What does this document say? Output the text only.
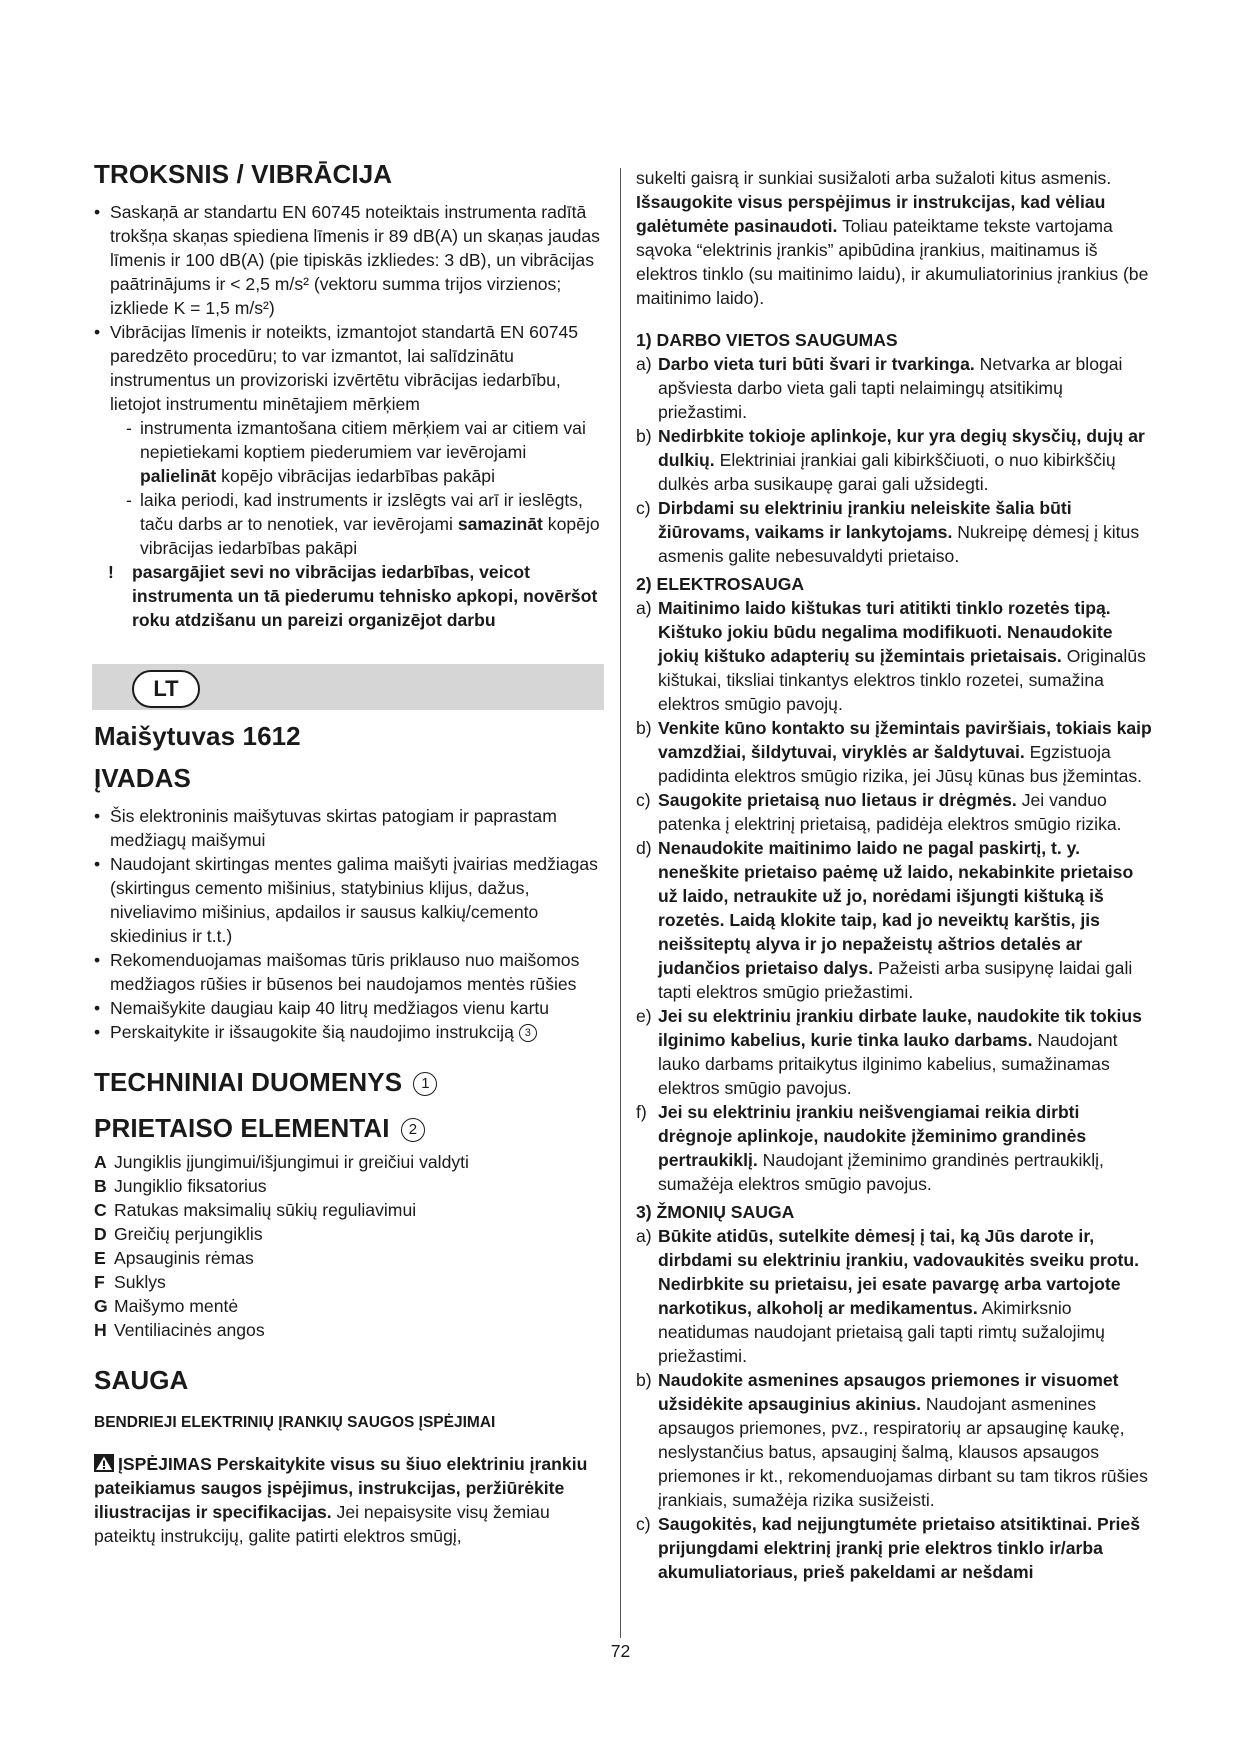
TROKSNIS / VIBRĀCIJA
• Saskaņā ar standartu EN 60745 noteiktais instrumenta radītā trokšņa skaņas spiediena līmenis ir 89 dB(A) un skaņas jaudas līmenis ir 100 dB(A) (pie tipiskās izkliedes: 3 dB), un vibrācijas paātrinājums ir < 2,5 m/s² (vektoru summa trijos virzienos; izkliede K = 1,5 m/s²)
• Vibrācijas līmenis ir noteikts, izmantojot standartā EN 60745 paredzēto procedūru; to var izmantot, lai salīdzinātu instrumentus un provizoriski izvērtētu vibrācijas iedarbību, lietojot instrumentu minētajiem mērķiem
- instrumenta izmantošana citiem mērķiem vai ar citiem vai nepietiekami koptiem piederumiem var ievērojami palielināt kopējo vibrācijas iedarbības pakāpi
- laika periodi, kad instruments ir izslēgts vai arī ir ieslēgts, taču darbs ar to nenotiek, var ievērojami samazināt kopējo vibrācijas iedarbības pakāpi

! pasargājiet sevi no vibrācijas iedarbības, veicot instrumenta un tā piederumu tehnisko apkopi, novēršot roku atdzišanu un pareizi organizējot darbu

LT
Maišytuvas 1612
ĮVADAS
• Šis elektroninis maišytuvas skirtas patogiam ir paprastam medžiagų maišymui
• Naudojant skirtingas mentes galima maišyti įvairias medžiagas (skirtingus cemento mišinius, statybinius klijus, dažus, niveliavimo mišinius, apdailos ir sausus kalkių/cemento skiedinius ir t.t.)
• Rekomenduojamas maišomas tūris priklauso nuo maišomos medžiagos rūšies ir būsenos bei naudojamos mentės rūšies
• Nemaišykite daugiau kaip 40 litrų medžiagos vienu kartu
• Perskaitykite ir išsaugokite šią naudojimo instrukciją 3
TECHNINIAI DUOMENYS 1
PRIETAISO ELEMENTAI 2
A Jungiklis įjungimui/išjungimui ir greičiui valdyti
B Jungiklio fiksatorius
C Ratukas maksimalių sūkių reguliavimui
D Greičių perjungiklis
E Apsauginis rėmas
F Suklys
G Maišymo mentė
H Ventiliacinės angos
SAUGA
BENDRIEJI ELEKTRINIŲ ĮRANKIŲ SAUGOS ĮSPĖJIMAI

ĮSPĖJIMAS Perskaitykite visus su šiuo elektriniu įrankiu pateikiamus saugos įspėjimus, instrukcijas, peržiūrėkite iliustracijas ir specifikacijas. Jei nepaisysite visų žemiau pateiktų instrukcijų, galite patirti elektros smūgį,

sukelti gaisrą ir sunkiai susižaloti arba sužaloti kitus asmenis. Išsaugokite visus perspėjimus ir instrukcijas, kad vėliau galėtumėte pasinaudoti. Toliau pateiktame tekste vartojama sąvoka “elektrinis įrankis” apibūdina įrankius, maitinamus iš elektros tinklo (su maitinimo laidu), ir akumuliatorinius įrankius (be maitinimo laido).

1) DARBO VIETOS SAUGUMAS

a) Darbo vieta turi būti švari ir tvarkinga. Netvarka ar blogai apšviesta darbo vieta gali tapti nelaimingų atsitikimų priežastimi.

b) Nedirbkite tokioje aplinkoje, kur yra degių skysčių, dujų ar dulkių. Elektriniai įrankiai gali kibirkščiuoti, o nuo kibirkščių dulkės arba susikaupę garai gali užsidegti.

c) Dirbdami su elektriniu įrankiu neleiskite šalia būti žiūrovams, vaikams ir lankytojams. Nukreipę dėmesį į kitus asmenis galite nebesuvaldyti prietaiso.

2) ELEKTROSAUGA

a) Maitinimo laido kištukas turi atitikti tinklo rozetės tipą. Kištuko jokiu būdu negalima modifikuoti. Nenaudokite jokių kištuko adapterių su įžemintais prietaisais. Originalūs kištukai, tiksliai tinkantys elektros tinklo rozetei, sumažina elektros smūgio pavojų.

b) Venkite kūno kontakto su įžemintais paviršiais, tokiais kaip vamzdžiai, šildytuvai, viryklės ar šaldytuvai. Egzistuoja padidinta elektros smūgio rizika, jei Jūsų kūnas bus įžemintas.

c) Saugokite prietaisą nuo lietaus ir drėgmės. Jei vanduo patenka į elektrinį prietaisą, padidėja elektros smūgio rizika.

d) Nenaudokite maitinimo laido ne pagal paskirtį, t. y. neneškite prietaiso paėmę už laido, nekabinkite prietaiso už laido, netraukite už jo, norėdami išjungti kištuką iš rozetės. Laidą klokite taip, kad jo neveiktų karštis, jis neišsiteptų alyva ir jo nepažeistų aštrios detalės ar judančios prietaiso dalys. Pažeisti arba susipynę laidai gali tapti elektros smūgio priežastimi.

e) Jei su elektriniu įrankiu dirbate lauke, naudokite tik tokius ilginimo kabelius, kurie tinka lauko darbams. Naudojant lauko darbams pritaikytus ilginimo kabelius, sumažinamas elektros smūgio pavojus.

f) Jei su elektriniu įrankiu neišvengiamai reikia dirbti drėgnoje aplinkoje, naudokite įžeminimo grandinės pertraukiklį. Naudojant įžeminimo grandinės pertraukiklį, sumažėja elektros smūgio pavojus.

3) ŽMONIŲ SAUGA

a) Būkite atidūs, sutelkite dėmesį į tai, ką Jūs darote ir, dirbdami su elektriniu įrankiu, vadovaukitės sveiku protu. Nedirbkite su prietaisu, jei esate pavargę arba vartojote narkotikus, alkoholį ar medikamentus. Akimirksnio neatidumas naudojant prietaisą gali tapti rimtų sužalojimų priežastimi.

b) Naudokite asmenines apsaugos priemones ir visuomet užsidėkite apsauginius akinius. Naudojant asmenines apsaugos priemones, pvz., respiratorių ar apsauginę kaukę, neslystančius batus, apsauginį šalmą, klausos apsaugos priemones ir kt., rekomenduojamas dirbant su tam tikros rūšies įrankiais, sumažėja rizika susižeisti.

c) Saugokitės, kad neįjungtumėte prietaiso atsitiktinai. Prieš prijungdami elektrinį įrankį prie elektros tinklo ir/arba akumuliatoriaus, prieš pakeldami ar nešdami

72
